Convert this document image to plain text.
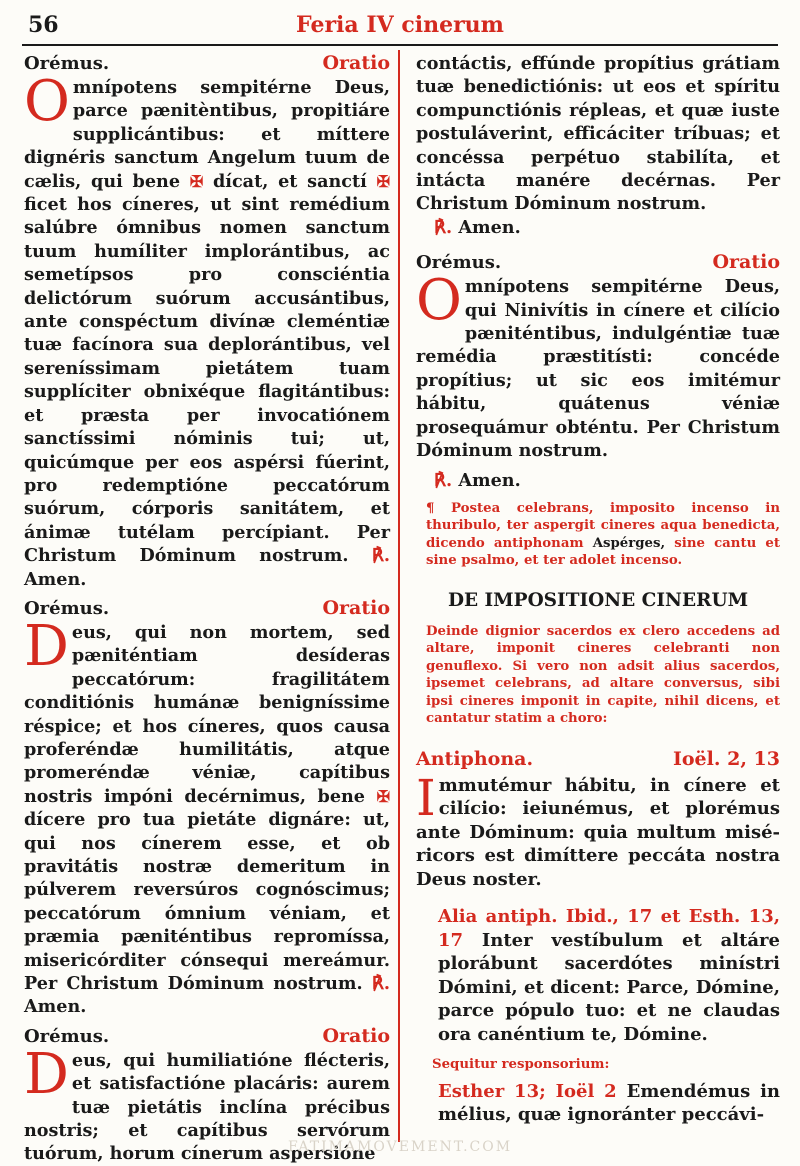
56	Feria IV cinerum
Orémus.	Oratio

Omnípotens sempitérne Deus, parce pænitèntibus, propitiáre supplicántibus: et míttere dignéris sanctum Angelum tuum de cælis, qui bene ✠ dícat, et sanctí ✠ ficet hos cíneres, ut sint remédium salúbre ómnibus nomen sanctum tuum humíliter implorántibus, ac semetípsos pro consciéntia delictórum suórum accusántibus, ante conspéctum divínæ cleméntiæ tuæ facínora sua deplorántibus, vel sereníssimam pietátem tuam supplíciter obnixéque flagitántibus: et præsta per invocatiónem sanctíssimi nóminis tui; ut, quicúmque per eos aspérsi fúerint, pro redemptióne peccatórum suórum, córporis sanitátem, et ánimæ tutélam percípiant. Per Christum Dóminum nostrum. ℟. Amen.

Orémus.	Oratio

Deus, qui non mortem, sed pæniténtiam desíderas peccatórum: fragilitátem conditiónis humánæ benigníssime réspice; et hos cíneres, quos causa proferéndæ humilitátis, atque promeréndæ véniæ, capítibus nostris impóni decérnimus, bene ✠ dícere pro tua pietáte dignáre: ut, qui nos cínerem esse, et ob pravitátis nostræ demeritum in púlverem reversúros cognóscimus; peccatórum ómnium véniam, et præmia pæniténtibus repromíssa, misericórditer cónsequi mereámur. Per Christum Dóminum nostrum. ℟. Amen.

Orémus.	Oratio

Deus, qui humiliatióne fléсteris, et satisfactióne placáris: aurem tuæ pietátis inclína précibus nostris; et capítibus servórum tuórum, horum cínerum aspersióne

contáctis, effúnde propítius grátiam tuæ benedictiónis: ut eos et spíritu compunctiónis répleas, et quæ iuste postuláverint, efficáciter tríbuas; et concéssa perpétuo stabilíta, et intácta manére decérnas. Per Christum Dóminum nostrum.
℟. Amen.

Orémus.	Oratio

Omnípotens sempitérne Deus, qui Ninivítis in cínere et cilício pæniténtibus, indulgéntiæ tuæ remédia præstitísti: concéde propítius; ut sic eos imitémur hábitu, quátenus véniæ prosequámur obténtu. Per Christum Dóminum nostrum.

℟. Amen.

¶ Postea celebrans, imposito incenso in thuribulo, ter aspergit cineres aqua benedicta, dicendo antiphonam Aspérges, sine cantu et sine psalmo, et ter adolet incenso.

DE IMPOSITIONE CINERUM

Deinde dignior sacerdos ex clero accedens ad altare, imponit cineres celebranti non genuflexo. Si vero non adsit alius sacerdos, ipsemet celebrans, ad altare conversus, sibi ipsi cineres imponit in capite, nihil dicens, et cantatur statim a choro:

Antiphona.	Ioël. 2, 13

Immutémur hábitu, in cínere et cilício: ieiunémus, et plorémus ante Dóminum: quia multum misé-ricors est dimíttere peccáta nostra Deus noster.

Alia antiph. Ibid., 17 et Esth. 13, 17 Inter vestíbulum et altáre plorábunt sacerdótes minístri Dómini, et dicent: Parce, Dómine, parce pópulo tuo: et ne claudas ora canéntium te, Dómine.

Sequitur responsorium:

Esther 13; Ioël 2 Emendémus in mélius, quæ ignoránter peccávi-

FATIMAMOVEMENT.COM
